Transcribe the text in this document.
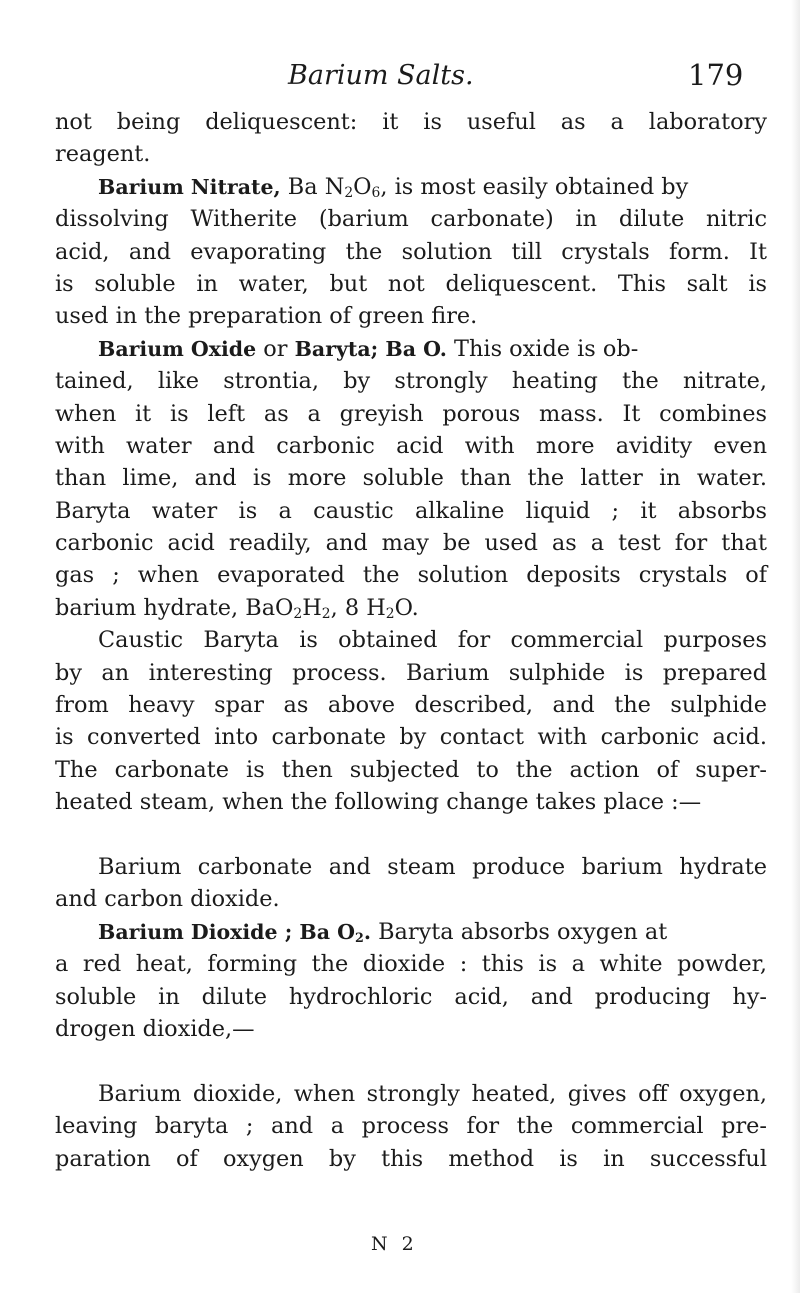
Barium Salts.	179
not being deliquescent: it is useful as a laboratory
reagent.
Barium Nitrate, Ba $N_2O_6$, is most easily obtained by
dissolving Witherite (barium carbonate) in dilute nitric
acid, and evaporating the solution till crystals form. It
is soluble in water, but not deliquescent. This salt is
used in the preparation of green fire.
Barium Oxide or Baryta; Ba O. This oxide is ob-
tained, like strontia, by strongly heating the nitrate,
when it is left as a greyish porous mass. It combines
with water and carbonic acid with more avidity even
than lime, and is more soluble than the latter in water.
Baryta water is a caustic alkaline liquid ; it absorbs
carbonic acid readily, and may be used as a test for that
gas ; when evaporated the solution deposits crystals of
barium hydrate, $BaO_2H_2$, 8 $H_2O$.
Caustic Baryta is obtained for commercial purposes
by an interesting process. Barium sulphide is prepared
from heavy spar as above described, and the sulphide
is converted into carbonate by contact with carbonic acid.
The carbonate is then subjected to the action of super-
heated steam, when the following change takes place :—
Barium carbonate and steam produce barium hydrate
and carbon dioxide.
Barium Dioxide ; Ba $O_2$. Baryta absorbs oxygen at
a red heat, forming the dioxide : this is a white powder,
soluble in dilute hydrochloric acid, and producing hy-
drogen dioxide,—
Barium dioxide, when strongly heated, gives off oxygen,
leaving baryta ; and a process for the commercial pre-
paration of oxygen by this method is in successful
N 2
